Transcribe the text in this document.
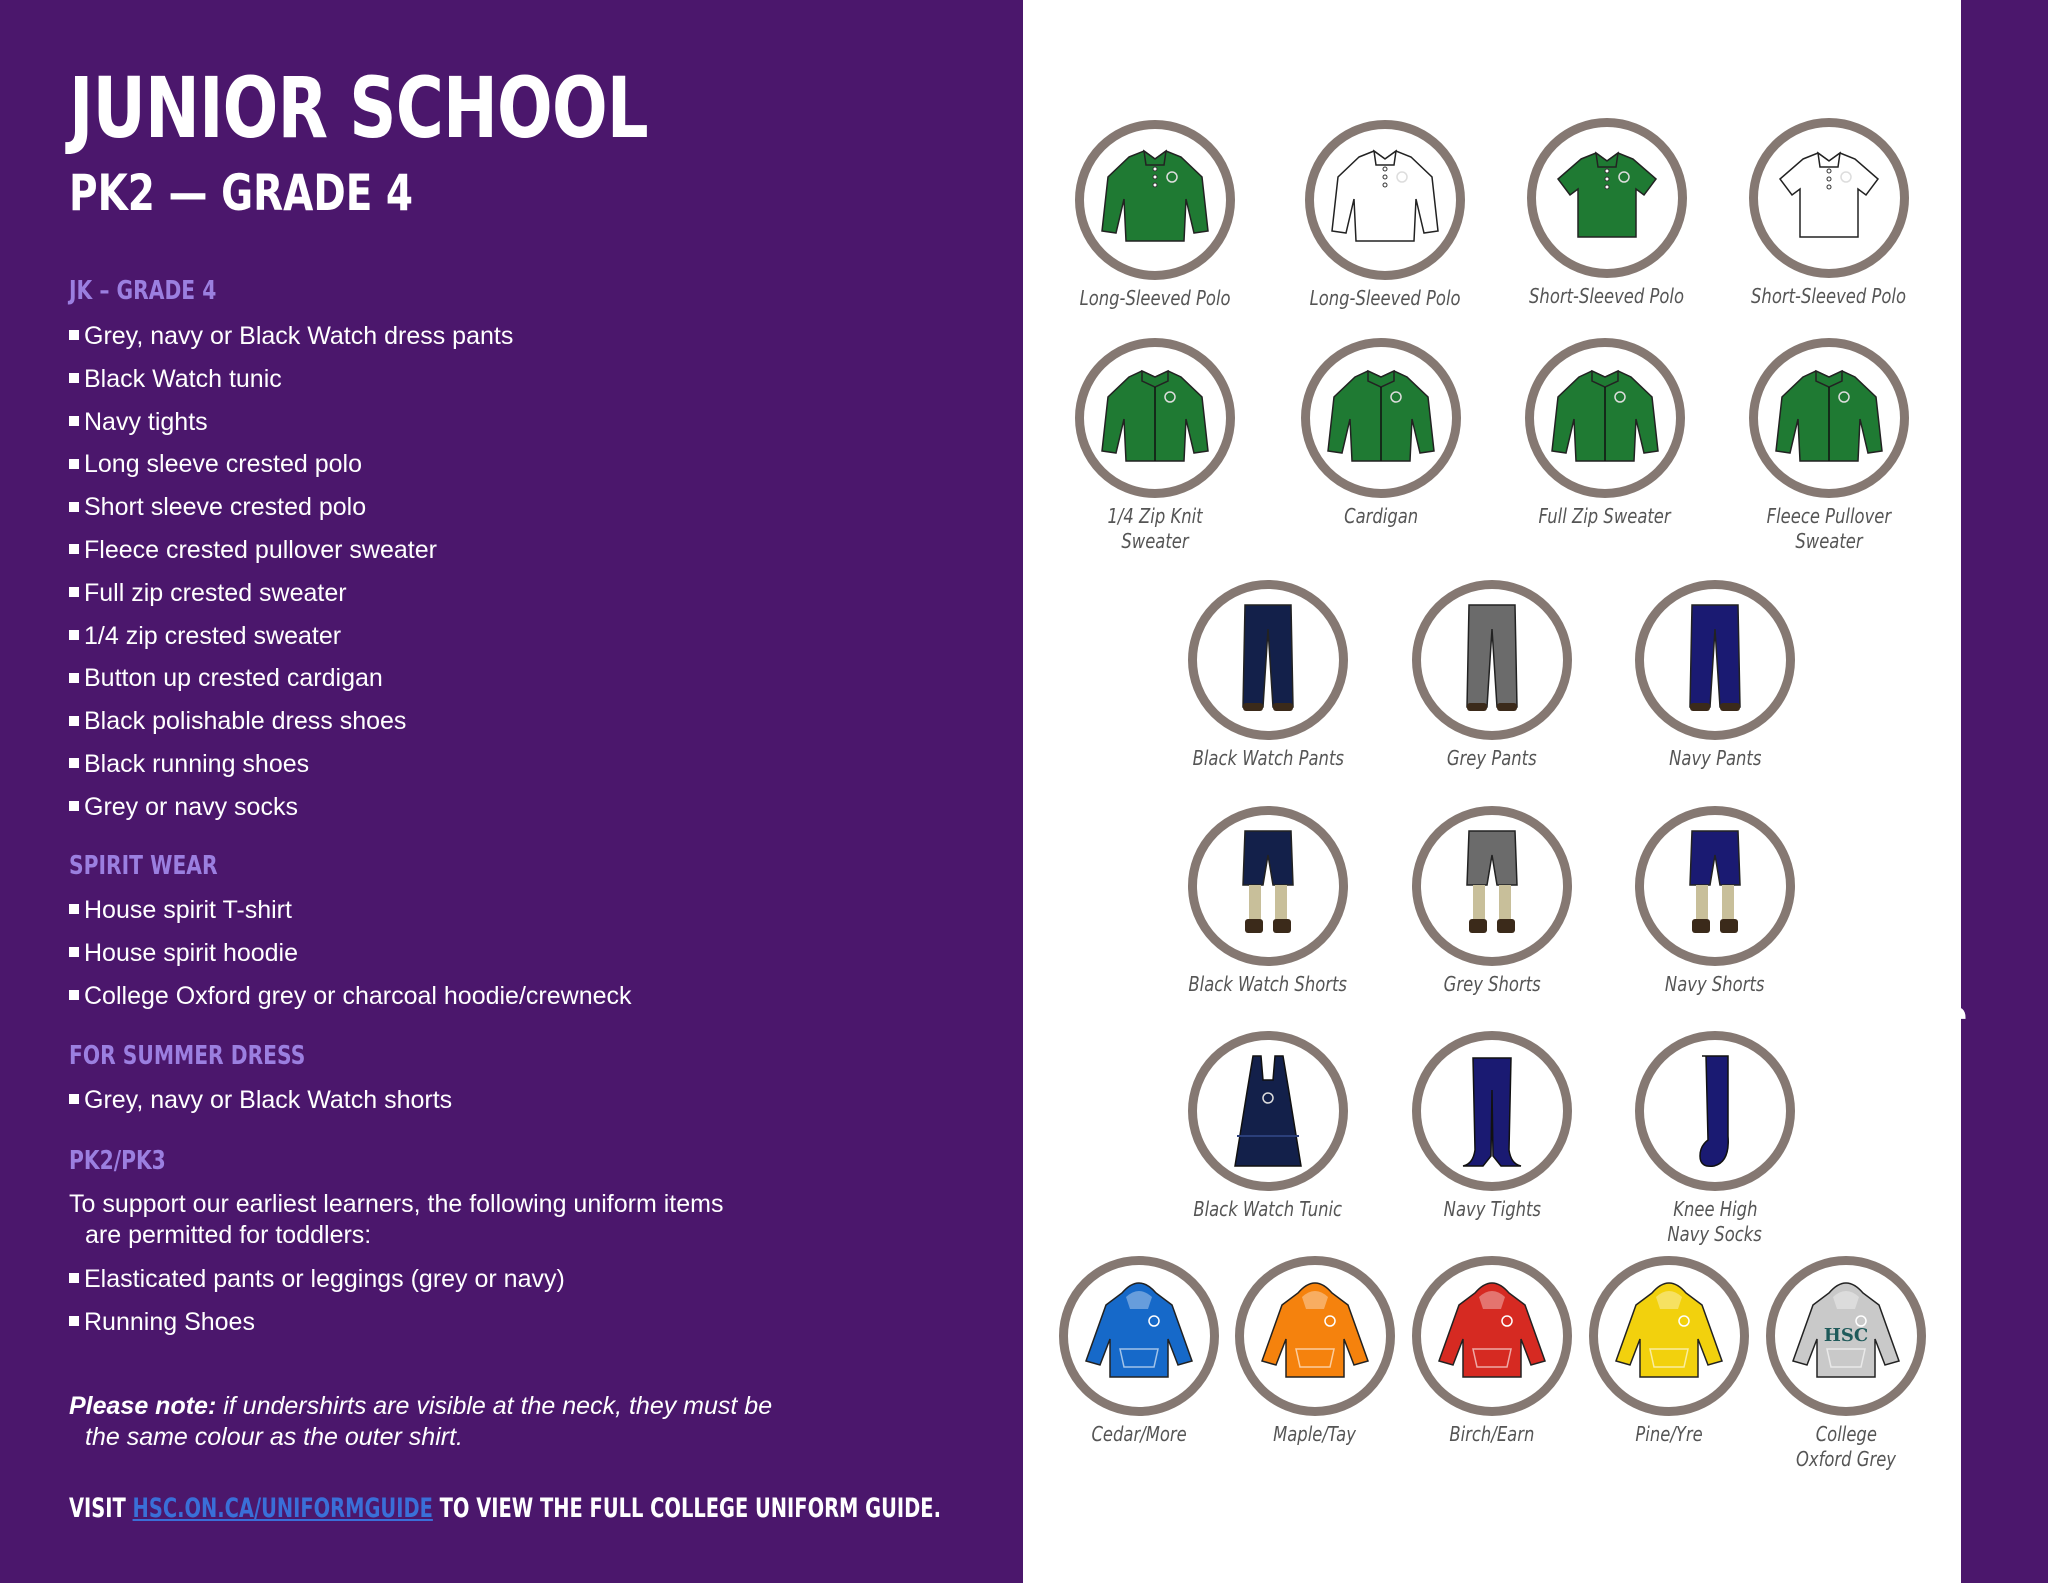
JUNIOR SCHOOL
PK2 — GRADE 4
JK – GRADE 4
Grey, navy or Black Watch dress pants
Black Watch tunic
Navy tights
Long sleeve crested polo
Short sleeve crested polo
Fleece crested pullover sweater
Full zip crested sweater
1/4 zip crested sweater
Button up crested cardigan
Black polishable dress shoes
Black running shoes
Grey or navy socks
SPIRIT WEAR
House spirit T-shirt
House spirit hoodie
College Oxford grey or charcoal hoodie/crewneck
FOR SUMMER DRESS
Grey, navy or Black Watch shorts
PK2/PK3
To support our earliest learners, the following uniform items
are permitted for toddlers:
Elasticated pants or leggings (grey or navy)
Running Shoes
Please note: if undershirts are visible at the neck, they must be
the same colour as the outer shirt.
VISIT HSC.ON.CA/UNIFORMGUIDE TO VIEW THE FULL COLLEGE UNIFORM GUIDE.
JUNIOR SCHOOL UNIFORM LEGEND
Long-Sleeved Polo	Long-Sleeved Polo	Short-Sleeved Polo	Short-Sleeved Polo
1/4 Zip Knit
Sweater
Cardigan	Full Zip Sweater	Fleece Pullover
Sweater
Black Watch Pants	Grey Pants	Navy Pants
Black Watch Shorts	Grey Shorts	Navy Shorts
Black Watch Tunic	Navy Tights	Knee High
Navy Socks
Cedar/More	Maple/Tay	Birch/Earn	Pine/Yre
HSC
College
Oxford Grey
